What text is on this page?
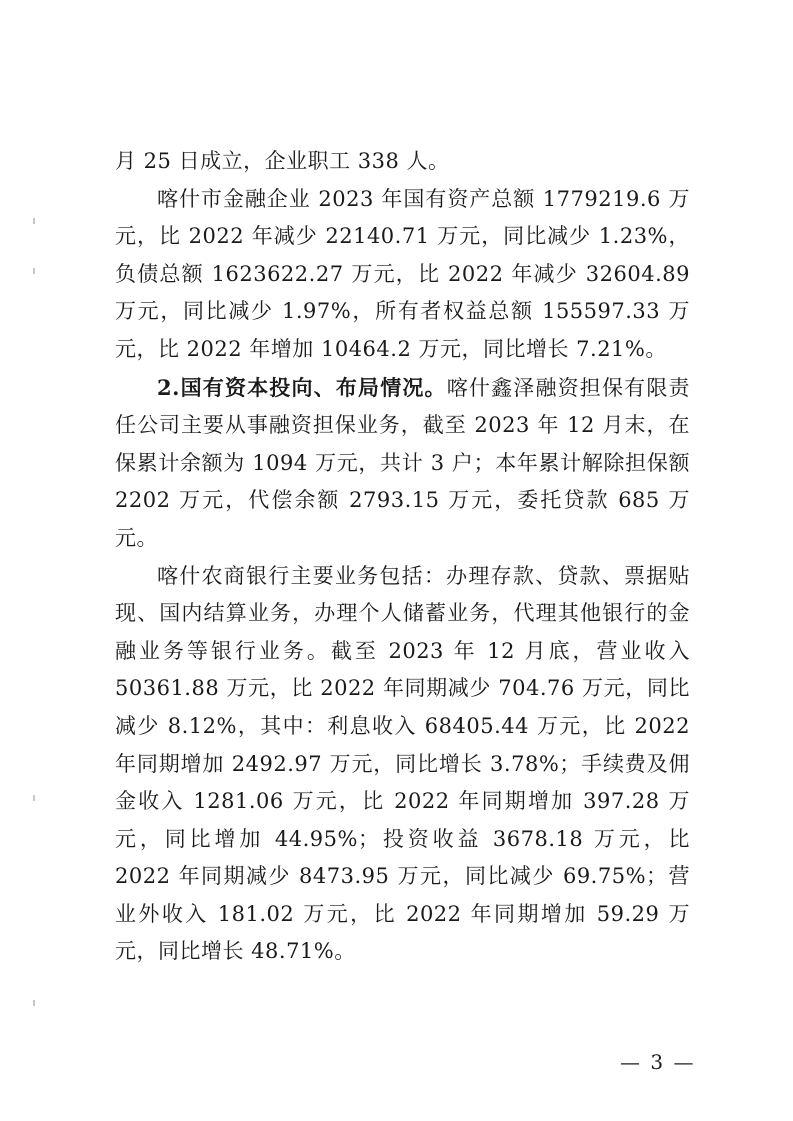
月 25 日成立，企业职工 338 人。

喀什市金融企业 2023 年国有资产总额 1779219.6 万元，比 2022 年减少 22140.71 万元，同比减少 1.23%，负债总额 1623622.27 万元，比 2022 年减少 32604.89 万元，同比减少 1.97%，所有者权益总额 155597.33 万元，比 2022 年增加 10464.2 万元，同比增长 7.21%。

2.国有资本投向、布局情况。喀什鑫泽融资担保有限责任公司主要从事融资担保业务，截至 2023 年 12 月末，在保累计余额为 1094 万元，共计 3 户；本年累计解除担保额 2202 万元，代偿余额 2793.15 万元，委托贷款 685 万元。

喀什农商银行主要业务包括：办理存款、贷款、票据贴现、国内结算业务，办理个人储蓄业务，代理其他银行的金融业务等银行业务。截至 2023 年 12 月底，营业收入 50361.88 万元，比 2022 年同期减少 704.76 万元，同比减少 8.12%，其中：利息收入 68405.44 万元，比 2022 年同期增加 2492.97 万元，同比增长 3.78%；手续费及佣金收入 1281.06 万元，比 2022 年同期增加 397.28 万元，同比增加 44.95%；投资收益 3678.18 万元，比 2022 年同期减少 8473.95 万元，同比减少 69.75%；营业外收入 181.02 万元，比 2022 年同期增加 59.29 万元，同比增长 48.71%。

— 3 —
